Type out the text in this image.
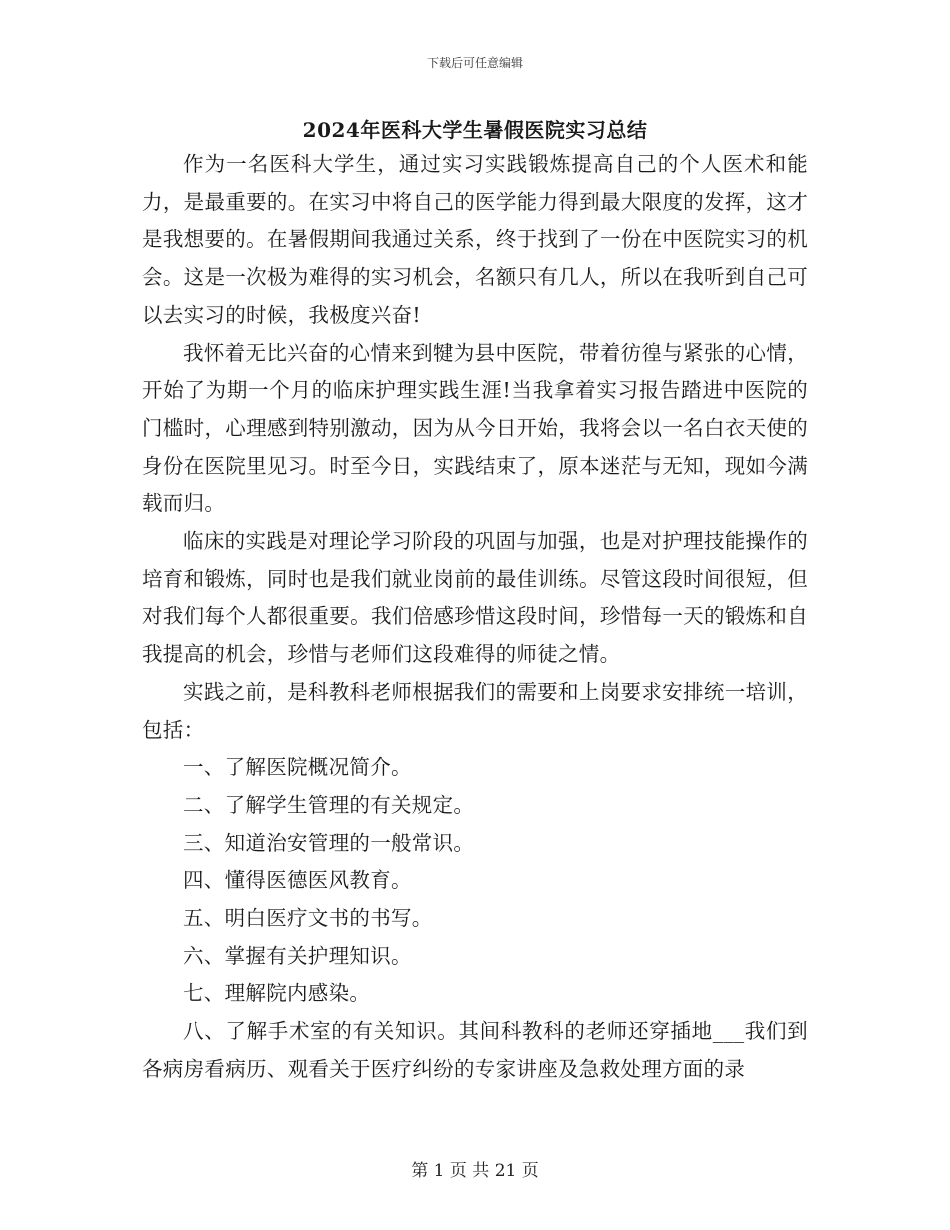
下载后可任意编辑
2024年医科大学生暑假医院实习总结

作为一名医科大学生，通过实习实践锻炼提高自己的个人医术和能力，是最重要的。在实习中将自己的医学能力得到最大限度的发挥，这才是我想要的。在暑假期间我通过关系，终于找到了一份在中医院实习的机会。这是一次极为难得的实习机会，名额只有几人，所以在我听到自己可以去实习的时候，我极度兴奋!

我怀着无比兴奋的心情来到犍为县中医院，带着彷徨与紧张的心情，开始了为期一个月的临床护理实践生涯!当我拿着实习报告踏进中医院的门槛时，心理感到特别激动，因为从今日开始，我将会以一名白衣天使的身份在医院里见习。时至今日，实践结束了，原本迷茫与无知，现如今满载而归。

临床的实践是对理论学习阶段的巩固与加强，也是对护理技能操作的培育和锻炼，同时也是我们就业岗前的最佳训练。尽管这段时间很短，但对我们每个人都很重要。我们倍感珍惜这段时间，珍惜每一天的锻炼和自我提高的机会，珍惜与老师们这段难得的师徒之情。

实践之前，是科教科老师根据我们的需要和上岗要求安排统一培训，包括：

一、了解医院概况简介。

二、了解学生管理的有关规定。

三、知道治安管理的一般常识。

四、懂得医德医风教育。

五、明白医疗文书的书写。

六、掌握有关护理知识。

七、理解院内感染。

八、了解手术室的有关知识。其间科教科的老师还穿插地___我们到各病房看病历、观看关于医疗纠纷的专家讲座及急救处理方面的录

第 1 页 共 21 页
